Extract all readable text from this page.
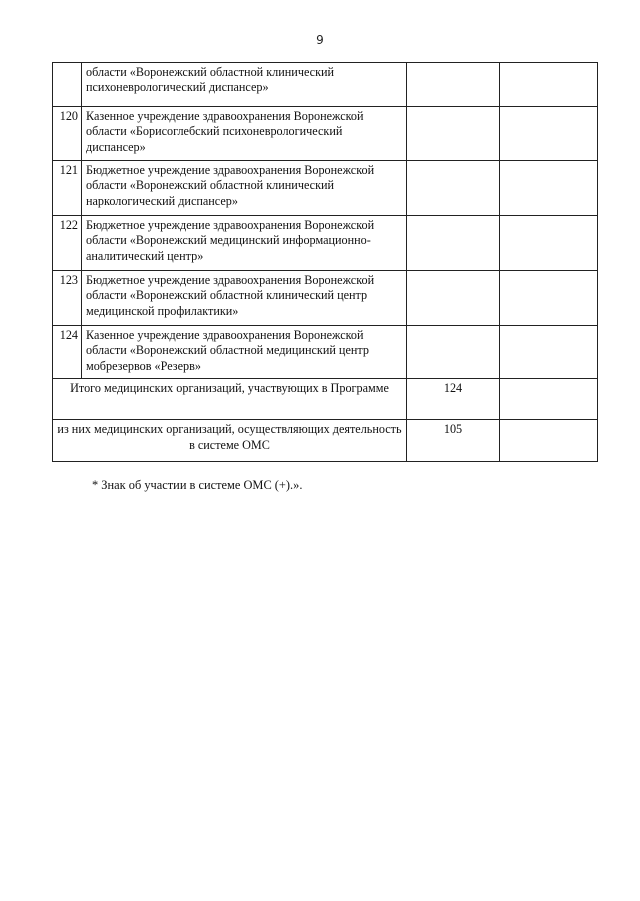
9
	области «Воронежский областной клинический психоневрологический диспансер»		
120	Казенное учреждение здравоохранения Воронежской области «Борисоглебский психоневрологический диспансер»		
121	Бюджетное учреждение здравоохранения Воронежской области «Воронежский областной клинический наркологический диспансер»		
122	Бюджетное учреждение здравоохранения Воронежской области «Воронежский медицинский информационно-аналитический центр»		
123	Бюджетное учреждение здравоохранения Воронежской области «Воронежский областной клинический центр медицинской профилактики»		
124	Казенное учреждение здравоохранения Воронежской области «Воронежский областной медицинский центр мобрезервов «Резерв»		
Итого медицинских организаций, участвующих в Программе		124	
из них медицинских организаций, осуществляющих деятельность в системе ОМС		105	
* Знак об участии в системе ОМС (+).».
